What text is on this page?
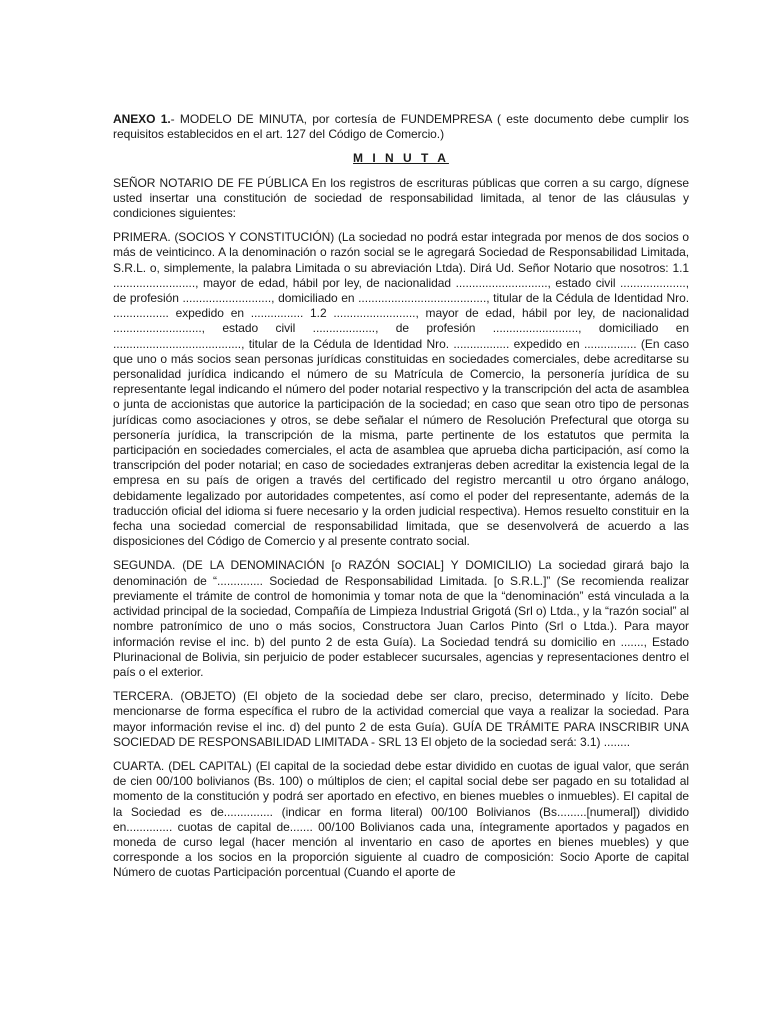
ANEXO 1.- MODELO DE MINUTA, por cortesía de FUNDEMPRESA ( este documento debe cumplir los requisitos establecidos en el art. 127 del Código de Comercio.)

M I N U T A

SEÑOR NOTARIO DE FE PÚBLICA En los registros de escrituras públicas que corren a su cargo, dígnese usted insertar una constitución de sociedad de responsabilidad limitada, al tenor de las cláusulas y condiciones siguientes:

PRIMERA. (SOCIOS Y CONSTITUCIÓN) (La sociedad no podrá estar integrada por menos de dos socios o más de veinticinco. A la denominación o razón social se le agregará Sociedad de Responsabilidad Limitada, S.R.L. o, simplemente, la palabra Limitada o su abreviación Ltda). Dirá Ud. Señor Notario que nosotros: 1.1 ........................., mayor de edad, hábil por ley, de nacionalidad ............................, estado civil ...................., de profesión ..........................., domiciliado en ......................................., titular de la Cédula de Identidad Nro. ................. expedido en ................ 1.2 ........................., mayor de edad, hábil por ley, de nacionalidad ..........................., estado civil ..................., de profesión .........................., domiciliado en ......................................., titular de la Cédula de Identidad Nro. ................. expedido en ................ (En caso que uno o más socios sean personas jurídicas constituidas en sociedades comerciales, debe acreditarse su personalidad jurídica indicando el número de su Matrícula de Comercio, la personería jurídica de su representante legal indicando el número del poder notarial respectivo y la transcripción del acta de asamblea o junta de accionistas que autorice la participación de la sociedad; en caso que sean otro tipo de personas jurídicas como asociaciones y otros, se debe señalar el número de Resolución Prefectural que otorga su personería jurídica, la transcripción de la misma, parte pertinente de los estatutos que permita la participación en sociedades comerciales, el acta de asamblea que aprueba dicha participación, así como la transcripción del poder notarial; en caso de sociedades extranjeras deben acreditar la existencia legal de la empresa en su país de origen a través del certificado del registro mercantil u otro órgano análogo, debidamente legalizado por autoridades competentes, así como el poder del representante, además de la traducción oficial del idioma si fuere necesario y la orden judicial respectiva). Hemos resuelto constituir en la fecha una sociedad comercial de responsabilidad limitada, que se desenvolverá de acuerdo a las disposiciones del Código de Comercio y al presente contrato social.

SEGUNDA. (DE LA DENOMINACIÓN [o RAZÓN SOCIAL] Y DOMICILIO) La sociedad girará bajo la denominación de “.............. Sociedad de Responsabilidad Limitada. [o S.R.L.]” (Se recomienda realizar previamente el trámite de control de homonimia y tomar nota de que la “denominación” está vinculada a la actividad principal de la sociedad, Compañía de Limpieza Industrial Grigotá (Srl o) Ltda., y la “razón social” al nombre patronímico de uno o más socios, Constructora Juan Carlos Pinto (Srl o Ltda.). Para mayor información revise el inc. b) del punto 2 de esta Guía). La Sociedad tendrá su domicilio en ......., Estado Plurinacional de Bolivia, sin perjuicio de poder establecer sucursales, agencias y representaciones dentro el país o el exterior.

TERCERA. (OBJETO) (El objeto de la sociedad debe ser claro, preciso, determinado y lícito. Debe mencionarse de forma específica el rubro de la actividad comercial que vaya a realizar la sociedad. Para mayor información revise el inc. d) del punto 2 de esta Guía). GUÍA DE TRÁMITE PARA INSCRIBIR UNA SOCIEDAD DE RESPONSABILIDAD LIMITADA - SRL 13 El objeto de la sociedad será: 3.1) ........

CUARTA. (DEL CAPITAL) (El capital de la sociedad debe estar dividido en cuotas de igual valor, que serán de cien 00/100 bolivianos (Bs. 100) o múltiplos de cien; el capital social debe ser pagado en su totalidad al momento de la constitución y podrá ser aportado en efectivo, en bienes muebles o inmuebles). El capital de la Sociedad es de............... (indicar en forma literal) 00/100 Bolivianos (Bs.........[numeral]) dividido en.............. cuotas de capital de....... 00/100 Bolivianos cada una, íntegramente aportados y pagados en moneda de curso legal (hacer mención al inventario en caso de aportes en bienes muebles) y que corresponde a los socios en la proporción siguiente al cuadro de composición: Socio Aporte de capital Número de cuotas Participación porcentual (Cuando el aporte de
